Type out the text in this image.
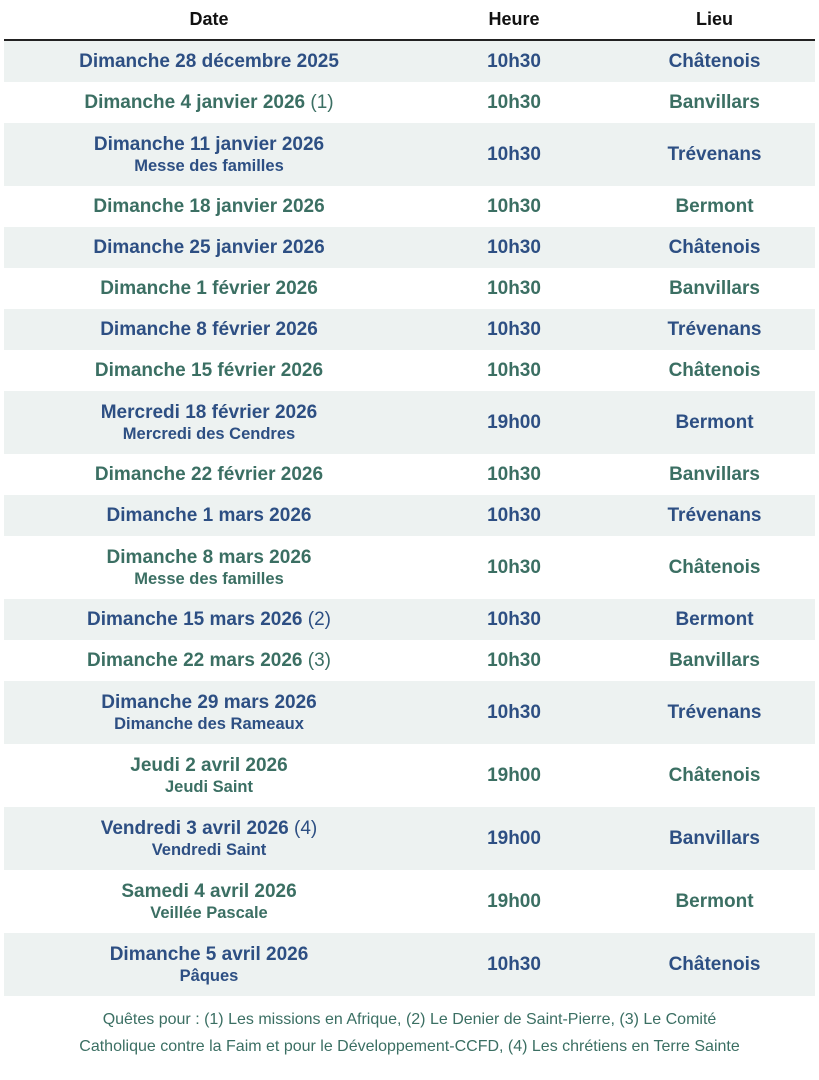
Date	Heure	Lieu

Dimanche 28 décembre 2025	10h30	Châtenois

Dimanche 4 janvier 2026 (1)	10h30	Banvillars

Dimanche 11 janvier 2026
Messe des familles	10h30	Trévenans

Dimanche 18 janvier 2026	10h30	Bermont

Dimanche 25 janvier 2026	10h30	Châtenois

Dimanche 1 février 2026	10h30	Banvillars

Dimanche 8 février 2026	10h30	Trévenans

Dimanche 15 février 2026	10h30	Châtenois

Mercredi 18 février 2026
Mercredi des Cendres	19h00	Bermont

Dimanche 22 février 2026	10h30	Banvillars

Dimanche 1 mars 2026	10h30	Trévenans

Dimanche 8 mars 2026
Messe des familles	10h30	Châtenois

Dimanche 15 mars 2026 (2)	10h30	Bermont

Dimanche 22 mars 2026 (3)	10h30	Banvillars

Dimanche 29 mars 2026
Dimanche des Rameaux	10h30	Trévenans

Jeudi 2 avril 2026
Jeudi Saint	19h00	Châtenois

Vendredi 3 avril 2026 (4)
Vendredi Saint	19h00	Banvillars

Samedi 4 avril 2026
Veillée Pascale	19h00	Bermont

Dimanche 5 avril 2026
Pâques	10h30	Châtenois
Quêtes pour : (1) Les missions en Afrique, (2) Le Denier de Saint-Pierre, (3) Le Comité
Catholique contre la Faim et pour le Développement-CCFD, (4) Les chrétiens en Terre Sainte
